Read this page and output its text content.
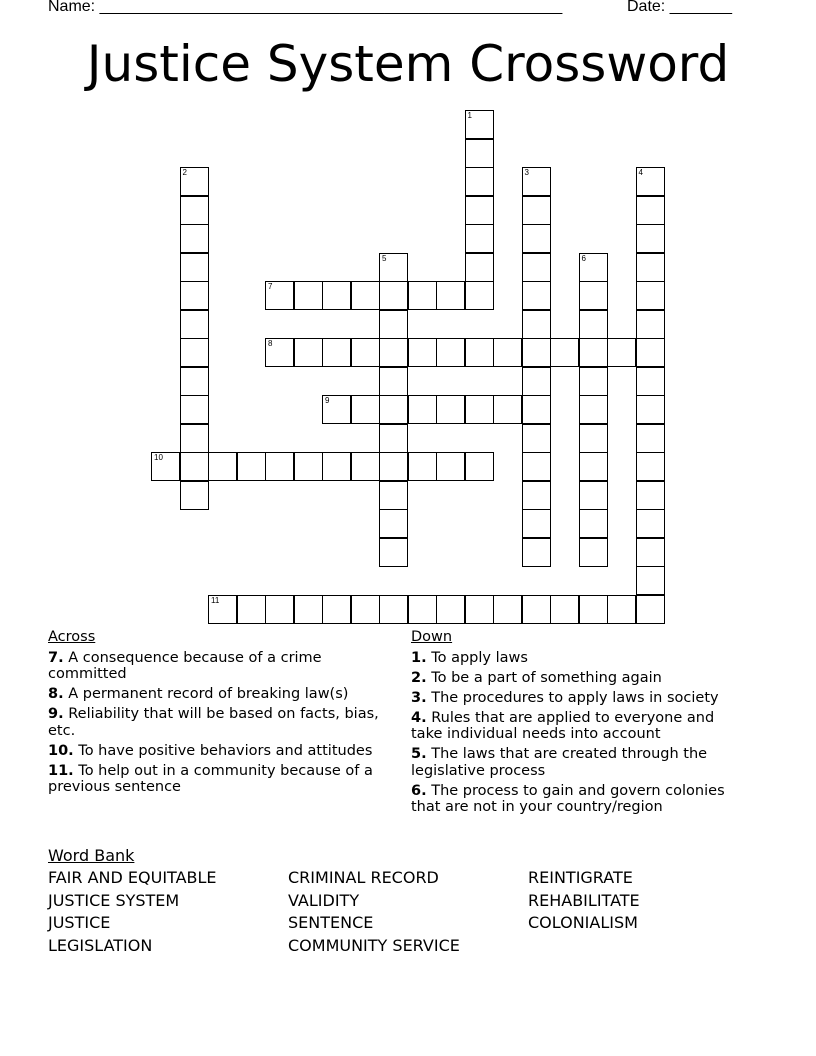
Name: ____________________________________________________	Date: _______
Justice System Crossword
1
2	3	4
5	6
7
8
9
10
11
Across
7. A consequence because of a crime committed
8. A permanent record of breaking law(s)
9. Reliability that will be based on facts, bias, etc.
10. To have positive behaviors and attitudes
11. To help out in a community because of a previous sentence
Down
1. To apply laws
2. To be a part of something again
3. The procedures to apply laws in society
4. Rules that are applied to everyone and take individual needs into account
5. The laws that are created through the legislative process
6. The process to gain and govern colonies that are not in your country/region
Word Bank
FAIR AND EQUITABLE
JUSTICE SYSTEM
JUSTICE
LEGISLATION
CRIMINAL RECORD
VALIDITY
SENTENCE
COMMUNITY SERVICE
REINTIGRATE
REHABILITATE
COLONIALISM
